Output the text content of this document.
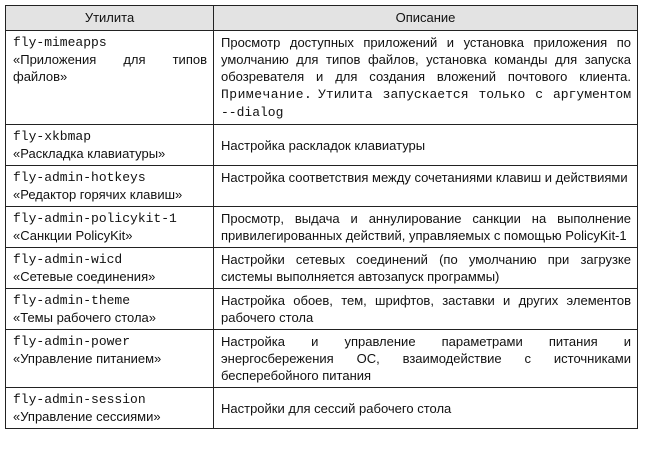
Утилита	Описание

fly-mimeapps
«Приложения для типов файлов»	Просмотр доступных приложений и установка приложения по умолчанию для типов файлов, установка команды для запуска обозревателя и для создания вложений почтового клиента. Примечание. Утилита запускается только с аргументом --dialog

fly-xkbmap
«Раскладка клавиатуры»	Настройка раскладок клавиатуры

fly-admin-hotkeys
«Редактор горячих клавиш»	Настройка соответствия между сочетаниями клавиш и действиями

fly-admin-policykit-1
«Санкции PolicyKit»	Просмотр, выдача и аннулирование санкции на выполнение привилегированных действий, управляемых с помощью PolicyKit-1

fly-admin-wicd
«Сетевые соединения»	Настройки сетевых соединений (по умолчанию при загрузке системы выполняется автозапуск программы)

fly-admin-theme
«Темы рабочего стола»	Настройка обоев, тем, шрифтов, заставки и других элементов рабочего стола

fly-admin-power
«Управление питанием»	Настройка и управление параметрами питания и энергосбережения ОС, взаимодействие с источниками бесперебойного питания

fly-admin-session
«Управление сессиями»	Настройки для сессий рабочего стола
